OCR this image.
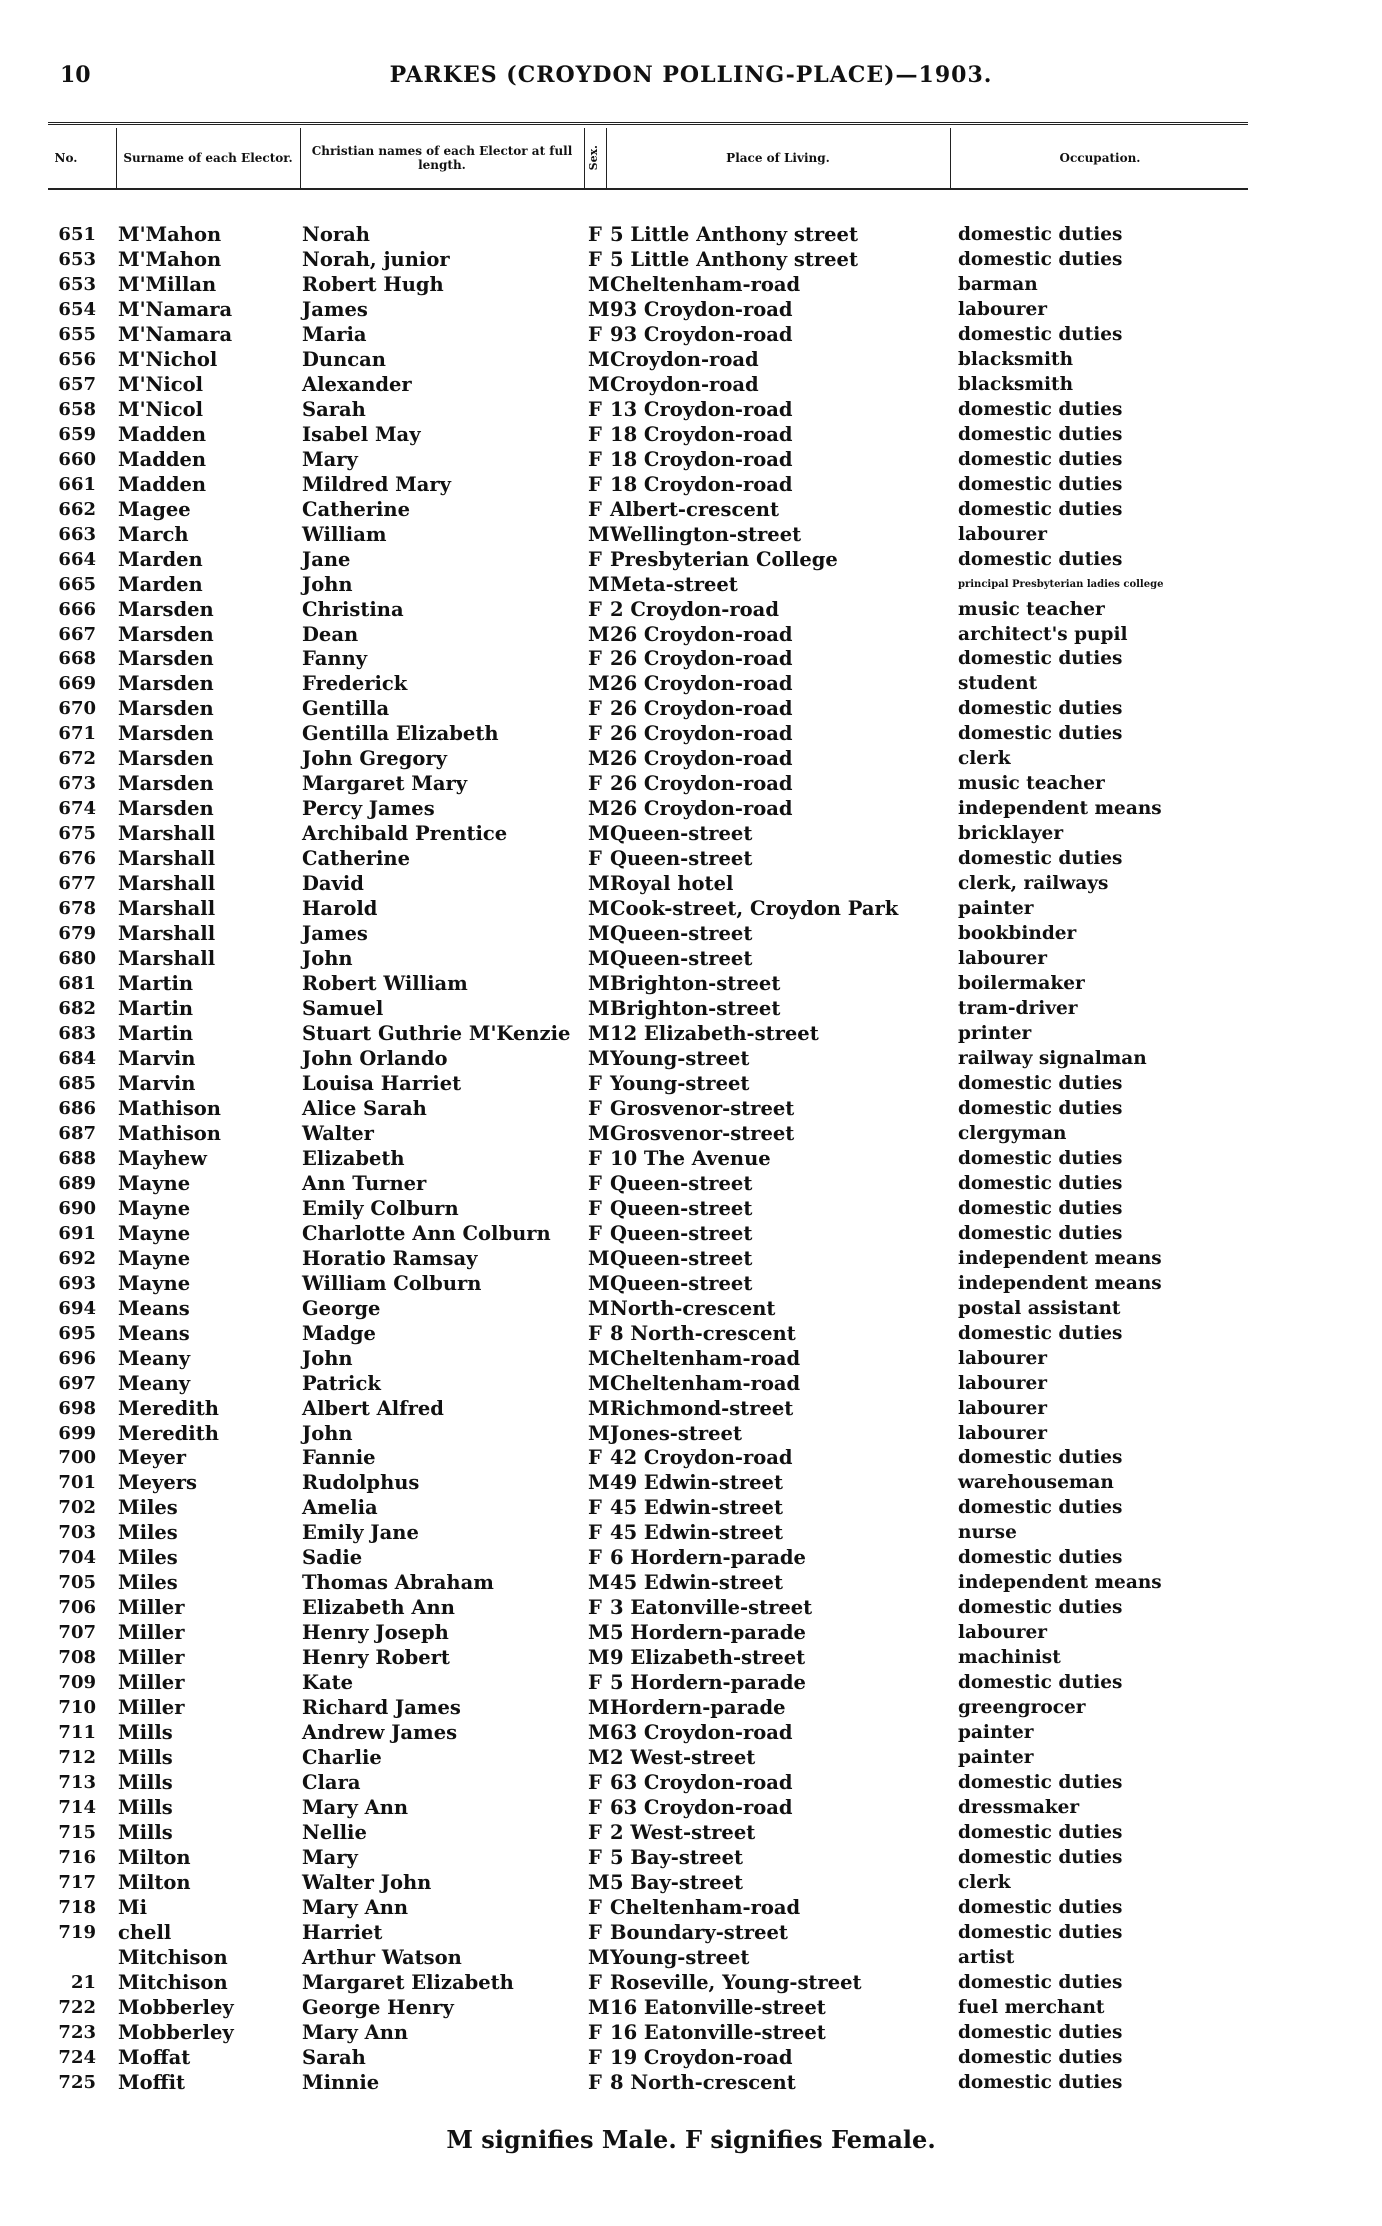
10	PARKES (CROYDON POLLING-PLACE)—1903.
No.	Surname of each Elector.	Christian names of each Elector at full length.	Sex.	Place of Living.	Occupation.
651 M'Mahon	Norah	F 5 Little Anthony street	domestic duties
653 M'Mahon	Norah, junior	F 5 Little Anthony street	domestic duties
653 M'Millan	Robert Hugh	M Cheltenham-road	barman
654 M'Namara	James	M 93 Croydon-road	labourer
655 M'Namara	Maria	F 93 Croydon-road	domestic duties
656 M'Nichol	Duncan	M Croydon-road	blacksmith
657 M'Nicol	Alexander	M Croydon-road	blacksmith
658 M'Nicol	Sarah	F 13 Croydon-road	domestic duties
659 Madden	Isabel May	F 18 Croydon-road	domestic duties
660 Madden	Mary	F 18 Croydon-road	domestic duties
661 Madden	Mildred Mary	F 18 Croydon-road	domestic duties
662 Magee	Catherine	F Albert-crescent	domestic duties
663 March	William	M Wellington-street	labourer
664 Marden	Jane	F Presbyterian College	domestic duties
665 Marden	John	M Meta-street	principal Presbyterian ladies college
666 Marsden	Christina	F 2 Croydon-road	music teacher
667 Marsden	Dean	M 26 Croydon-road	architect's pupil
668 Marsden	Fanny	F 26 Croydon-road	domestic duties
669 Marsden	Frederick	M 26 Croydon-road	student
670 Marsden	Gentilla	F 26 Croydon-road	domestic duties
671 Marsden	Gentilla Elizabeth	F 26 Croydon-road	domestic duties
672 Marsden	John Gregory	M 26 Croydon-road	clerk
673 Marsden	Margaret Mary	F 26 Croydon-road	music teacher
674 Marsden	Percy James	M 26 Croydon-road	independent means
675 Marshall	Archibald Prentice	M Queen-street	bricklayer
676 Marshall	Catherine	F Queen-street	domestic duties
677 Marshall	David	M Royal hotel	clerk, railways
678 Marshall	Harold	M Cook-street, Croydon Park	painter
679 Marshall	James	M Queen-street	bookbinder
680 Marshall	John	M Queen-street	labourer
681 Martin	Robert William	M Brighton-street	boilermaker
682 Martin	Samuel	M Brighton-street	tram-driver
683 Martin	Stuart Guthrie M'Kenzie M 12 Elizabeth-street	printer
684 Marvin	John Orlando	M Young-street	railway signalman
685 Marvin	Louisa Harriet	F Young-street	domestic duties
686 Mathison	Alice Sarah	F Grosvenor-street	domestic duties
687 Mathison	Walter	M Grosvenor-street	clergyman
688 Mayhew	Elizabeth	F 10 The Avenue	domestic duties
689 Mayne	Ann Turner	F Queen-street	domestic duties
690 Mayne	Emily Colburn	F Queen-street	domestic duties
691 Mayne	Charlotte Ann Colburn F Queen-street	domestic duties
692 Mayne	Horatio Ramsay	M Queen-street	independent means
693 Mayne	William Colburn	M Queen-street	independent means
694 Means	George	M North-crescent	postal assistant
695 Means	Madge	F 8 North-crescent	domestic duties
696 Meany	John	M Cheltenham-road	labourer
697 Meany	Patrick	M Cheltenham-road	labourer
698 Meredith	Albert Alfred	M Richmond-street	labourer
699 Meredith	John	M Jones-street	labourer
700 Meyer	Fannie	F 42 Croydon-road	domestic duties
701 Meyers	Rudolphus	M 49 Edwin-street	warehouseman
702 Miles	Amelia	F 45 Edwin-street	domestic duties
703 Miles	Emily Jane	F 45 Edwin-street	nurse
704 Miles	Sadie	F 6 Hordern-parade	domestic duties
705 Miles	Thomas Abraham	M 45 Edwin-street	independent means
706 Miller	Elizabeth Ann	F 3 Eatonville-street	domestic duties
707 Miller	Henry Joseph	M 5 Hordern-parade	labourer
708 Miller	Henry Robert	M 9 Elizabeth-street	machinist
709 Miller	Kate	F 5 Hordern-parade	domestic duties
710 Miller	Richard James	M Hordern-parade	greengrocer
711 Mills	Andrew James	M 63 Croydon-road	painter
712 Mills	Charlie	M 2 West-street	painter
713 Mills	Clara	F 63 Croydon-road	domestic duties
714 Mills	Mary Ann	F 63 Croydon-road	dressmaker
715 Mills	Nellie	F 2 West-street	domestic duties
716 Milton	Mary	F 5 Bay-street	domestic duties
717 Milton	Walter John	M 5 Bay-street	clerk
718 Mi	Mary Ann	F Cheltenham-road	domestic duties
719 chell	Harriet	F Boundary-street	domestic duties
Mitchison	Arthur Watson	M Young-street	artist
21 Mitchison	Margaret Elizabeth	F Roseville, Young-street	domestic duties
722 Mobberley	George Henry	M 16 Eatonville-street	fuel merchant
723 Mobberley	Mary Ann	F 16 Eatonville-street	domestic duties
724 Moffat	Sarah	F 19 Croydon-road	domestic duties
725 Moffit	Minnie	F 8 North-crescent	domestic duties
M signifies Male. F signifies Female.
